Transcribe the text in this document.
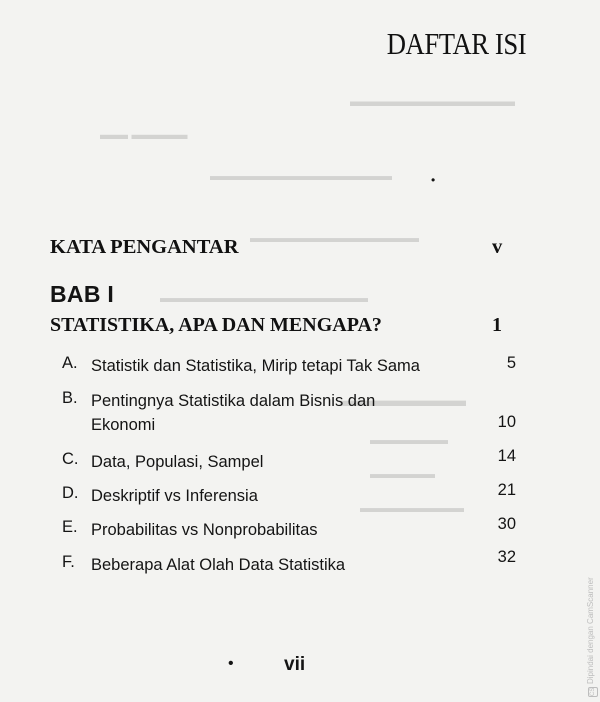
▬▬▬▬▬▬▬▬▬▬▬
▬▬ ▬▬▬▬
▬▬▬▬▬▬▬▬▬▬▬▬▬▬
▬▬▬▬▬▬▬▬▬▬▬▬▬
▬▬▬▬▬▬▬▬▬▬▬▬▬▬▬▬
▬▬▬▬▬▬▬
▬▬▬▬▬▬
▬▬▬▬▬
▬▬▬▬▬▬▬▬
DAFTAR ISI
•
KATA PENGANTAR	v
BAB I
STATISTIKA, APA DAN MENGAPA?	1
A. Statistik dan Statistika, Mirip tetapi Tak Sama	5
B. Pentingnya Statistika dalam Bisnis dan Ekonomi	10
C. Data, Populasi, Sampel	14
D. Deskriptif vs Inferensia	21
E. Probabilitas vs Nonprobabilitas	30
F. Beberapa Alat Olah Data Statistika	32
•	vii
CSDipindai dengan CamScanner
